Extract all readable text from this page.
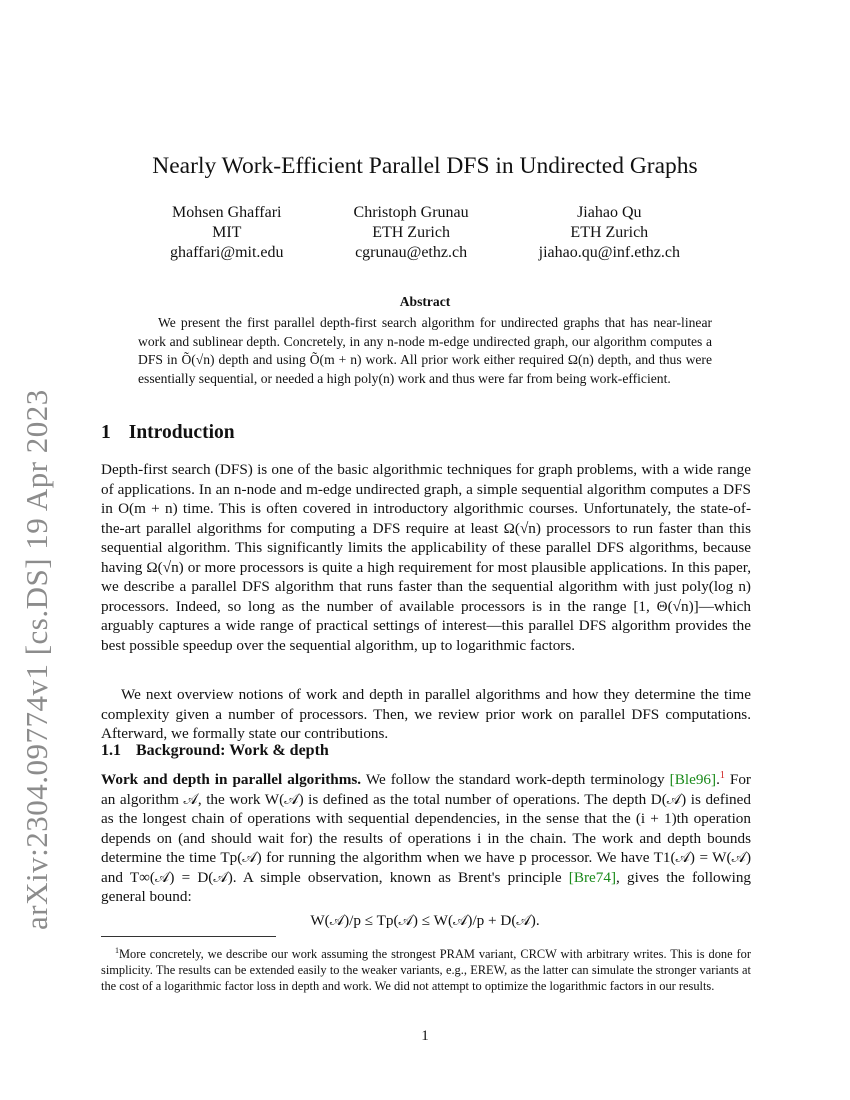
arXiv:2304.09774v1 [cs.DS] 19 Apr 2023
Nearly Work-Efficient Parallel DFS in Undirected Graphs
Mohsen Ghaffari
MIT
ghaffari@mit.edu
Christoph Grunau
ETH Zurich
cgrunau@ethz.ch
Jiahao Qu
ETH Zurich
jiahao.qu@inf.ethz.ch
Abstract

We present the first parallel depth-first search algorithm for undirected graphs that has near-linear work and sublinear depth. Concretely, in any n-node m-edge undirected graph, our algorithm computes a DFS in Õ(√n) depth and using Õ(m + n) work. All prior work either required Ω(n) depth, and thus were essentially sequential, or needed a high poly(n) work and thus were far from being work-efficient.

1 Introduction

Depth-first search (DFS) is one of the basic algorithmic techniques for graph problems, with a wide range of applications. In an n-node and m-edge undirected graph, a simple sequential algorithm computes a DFS in O(m + n) time. This is often covered in introductory algorithmic courses. Unfortunately, the state-of-the-art parallel algorithms for computing a DFS require at least Ω(√n) processors to run faster than this sequential algorithm. This significantly limits the applicability of these parallel DFS algorithms, because having Ω(√n) or more processors is quite a high requirement for most plausible applications. In this paper, we describe a parallel DFS algorithm that runs faster than the sequential algorithm with just poly(log n) processors. Indeed, so long as the number of available processors is in the range [1, Θ(√n)]—which arguably captures a wide range of practical settings of interest—this parallel DFS algorithm provides the best possible speedup over the sequential algorithm, up to logarithmic factors.

We next overview notions of work and depth in parallel algorithms and how they determine the time complexity given a number of processors. Then, we review prior work on parallel DFS computations. Afterward, we formally state our contributions.

1.1 Background: Work & depth

Work and depth in parallel algorithms. We follow the standard work-depth terminology [Ble96].$^1$ For an algorithm 𝒜, the work W(𝒜) is defined as the total number of operations. The depth D(𝒜) is defined as the longest chain of operations with sequential dependencies, in the sense that the (i + 1)th operation depends on (and should wait for) the results of operations i in the chain. The work and depth bounds determine the time Tp(𝒜) for running the algorithm when we have p processor. We have T1(𝒜) = W(𝒜) and T∞(𝒜) = D(𝒜). A simple observation, known as Brent's principle [Bre74], gives the following general bound:

W(𝒜)/p ≤ Tp(𝒜) ≤ W(𝒜)/p + D(𝒜).

$^1$More concretely, we describe our work assuming the strongest PRAM variant, CRCW with arbitrary writes. This is done for simplicity. The results can be extended easily to the weaker variants, e.g., EREW, as the latter can simulate the stronger variants at the cost of a logarithmic factor loss in depth and work. We did not attempt to optimize the logarithmic factors in our results.

1
